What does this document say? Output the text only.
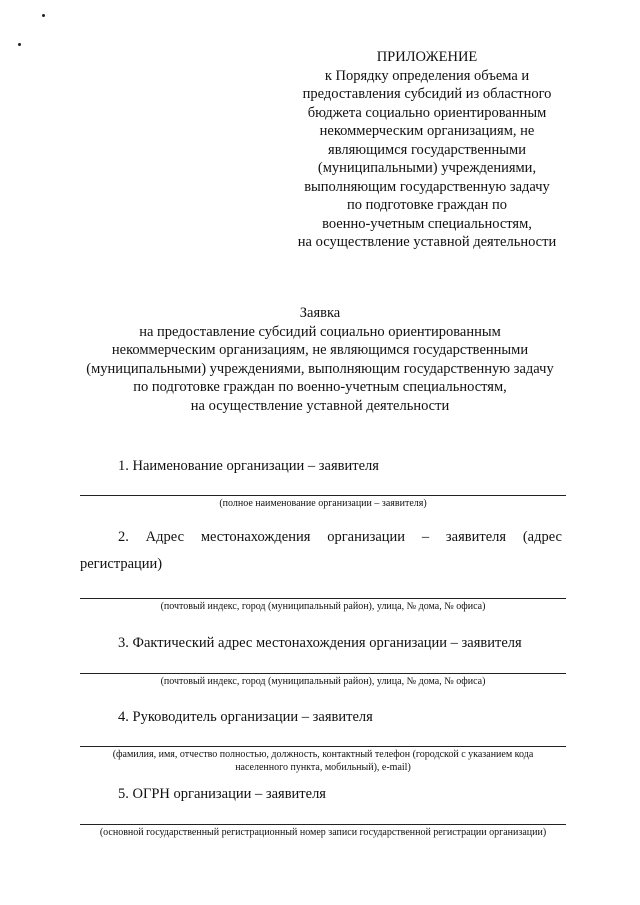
ПРИЛОЖЕНИЕ
к Порядку определения объема и
предоставления субсидий из областного
бюджета социально ориентированным
некоммерческим организациям, не
являющимся государственными
(муниципальными) учреждениями,
выполняющим государственную задачу
по подготовке граждан по
военно-учетным специальностям,
на осуществление уставной деятельности
Заявка
на предоставление субсидий социально ориентированным
некоммерческим организациям, не являющимся государственными
(муниципальными) учреждениями, выполняющим государственную задачу
по подготовке граждан по военно-учетным специальностям,
на осуществление уставной деятельности
1. Наименование организации – заявителя
(полное наименование организации – заявителя)
2. Адрес местонахождения организации – заявителя (адрес
регистрации)
(почтовый индекс, город (муниципальный район), улица, № дома, № офиса)
3. Фактический адрес местонахождения организации – заявителя
(почтовый индекс, город (муниципальный район), улица, № дома, № офиса)
4. Руководитель организации – заявителя
(фамилия, имя, отчество полностью, должность, контактный телефон (городской с указанием кода
населенного пункта, мобильный), e-mail)
5. ОГРН организации – заявителя
(основной государственный регистрационный номер записи государственной регистрации организации)
